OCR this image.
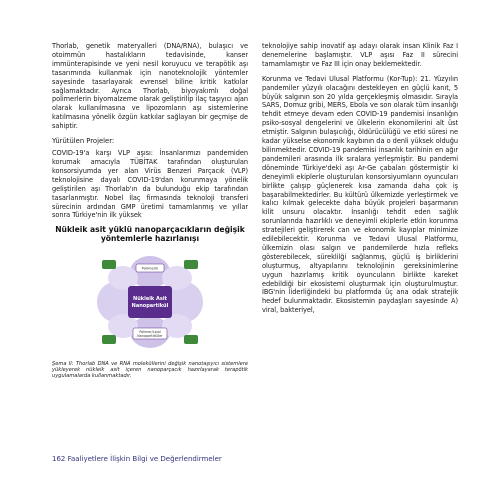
Thorlab, genetik materyalleri (DNA/RNA), bulaşıcı ve otoimmün hastalıkların tedavisinde, kanser immünterapisinde ve yeni nesil koruyucu ve terapötik aşı tasarımında kullanmak için nanoteknolojik yöntemler sayesinde tasarlayarak evrensel biline kritik katkılar sağlamaktadır. Ayrıca Thorlab, biyoyakımlı doğal polimerlerin biyomalzeme olarak geliştirilip ilaç taşıyıcı ajan olarak kullanılmasına ve lipozomların aşı sistemlerine katılmasına yönelik özgün katkılar sağlayan bir geçmişe de sahiptir.

Yürütülen Projeler:

COVID-19'a karşı VLP aşısı: İnsanlarımızı pandemiden korumak amacıyla TÜBİTAK tarafından oluşturulan konsorsiyumda yer alan Virüs Benzeri Parçacık (VLP) teknolojisine dayalı COVID-19'dan korunmaya yönelik geliştirilen aşı Thorlab'ın da bulunduğu ekip tarafından tasarlanmıştır. Nobel İlaç firmasında teknoloji transferi sürecinin ardından GMP üretimi tamamlanmış ve yıllar sonra Türkiye'nin ilk yüksek

Nükleik asit yüklü nanoparçacıkların değişik yöntemlerle hazırlanışı
Polimerik
Nükleik Asit
Nanopartikül
Polimer/Lipid
Nanopartiküller
Şema II: Thorlab DNA ve RNA moleküllerini değişik nanotaşıyıcı sistemlere yükleyerek nükleik asit içeren nanoparçacık hazırlayarak terapötik uygulamalarda kullanmaktadır.

teknolojiye sahip inovatif aşı adayı olarak insan Klinik Faz I denemelerine başlamıştır. VLP aşısı Faz II sürecini tamamlamıştır ve Faz III için onay beklemektedir.

Korunma ve Tedavi Ulusal Platformu (Kor-Tup): 21. Yüzyılın pandemiler yüzyılı olacağını destekleyen en güçlü kanıt, 5 büyük salgının son 20 yılda gerçekleşmiş olmasıdır. Sırayla SARS, Domuz gribi, MERS, Ebola ve son olarak tüm insanlığı tehdit etmeye devam eden COVID-19 pandemisi insanlığın psiko-sosyal dengelerini ve ülkelerin ekonomilerini alt üst etmiştir. Salgının bulaşıcılığı, öldürücülüğü ve etki süresi ne kadar yükselse ekonomik kaybının da o denli yüksek olduğu bilinmektedir. COVID-19 pandemisi insanlık tarihinin en ağır pandemileri arasında ilk sıralara yerleşmiştir. Bu pandemi döneminde Türkiye'deki aşı Ar-Ge çabaları göstermiştir ki deneyimli ekiplerle oluşturulan konsorsiyumların oyuncuları birlikte çalışıp güçlenerek kısa zamanda daha çok iş başarabilmektedirler. Bu kültürü ülkemizde yerleştirmek ve kalıcı kılmak gelecekte daha büyük projeleri başarmanın kilit unsuru olacaktır. İnsanlığı tehdit eden sağlık sorunlarında hazırlıklı ve deneyimli ekiplerle etkin korunma stratejileri geliştirerek can ve ekonomik kayıplar minimize edilebilecektir. Korunma ve Tedavi Ulusal Platformu, ülkemizin olası salgın ve pandemilerde hızla refleks gösterebilecek, süreklilği sağlanmış, güçlü iş birliklerini oluşturmuş, altyapılarını teknolojinin gereksinimlerine uygun hazırlamış kritik oyuncuların birlikte kareket edebildiği bir ekosistemi oluşturmak için oluşturulmuştur. İBG'nin liderliğindeki bu platformda üç ana odak stratejik hedef bulunmaktadır. Ekosistemin paydaşları sayesinde A) viral, bakteriyel,

162 Faaliyetlere İlişkin Bilgi ve Değerlendirmeler
